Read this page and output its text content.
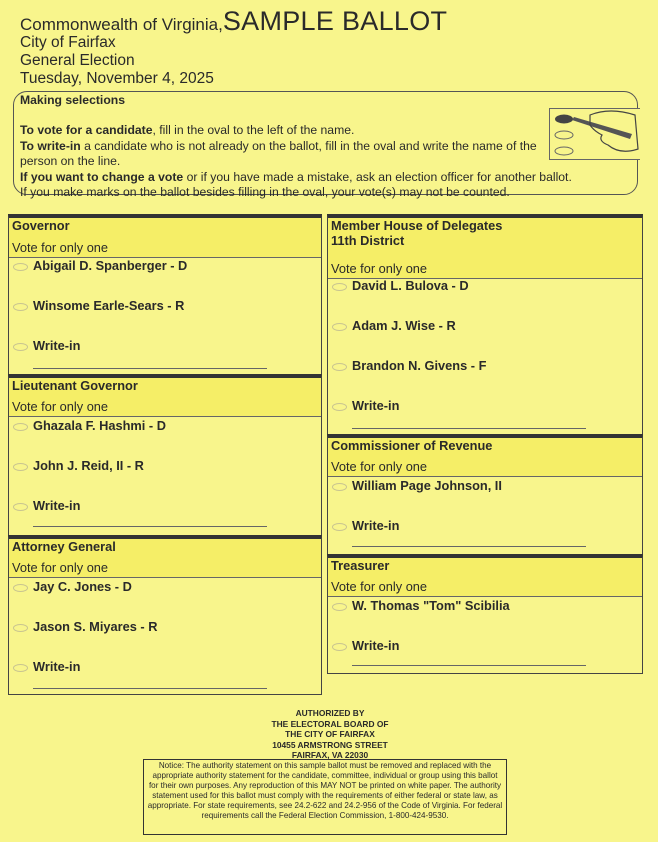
Commonwealth of Virginia,SAMPLE BALLOT
City of Fairfax
General Election
Tuesday, November 4, 2025
Making selections
To vote for a candidate, fill in the oval to the left of the name.
To write-in a candidate who is not already on the ballot, fill in the oval and write the name of the
person on the line.
If you want to change a vote or if you have made a mistake, ask an election officer for another ballot.
If you make marks on the ballot besides filling in the oval, your vote(s) may not be counted.
Governor
Vote for only one
Abigail D. Spanberger - D
Winsome Earle-Sears - R
Write-in
Lieutenant Governor
Vote for only one
Ghazala F. Hashmi - D
John J. Reid, II - R
Write-in
Attorney General
Vote for only one
Jay C. Jones - D
Jason S. Miyares - R
Write-in
Member House of Delegates
11th District
Vote for only one
David L. Bulova - D
Adam J. Wise - R
Brandon N. Givens - F
Write-in
Commissioner of Revenue
Vote for only one
William Page Johnson, II
Write-in
Treasurer
Vote for only one
W. Thomas "Tom" Scibilia
Write-in
AUTHORIZED BY
THE ELECTORAL BOARD OF
THE CITY OF FAIRFAX
10455 ARMSTRONG STREET
FAIRFAX, VA 22030
Notice: The authority statement on this sample ballot must be removed and replaced with the appropriate authority statement for the candidate, committee, individual or group using this ballot for their own purposes. Any reproduction of this MAY NOT be printed on white paper. The authority statement used for this ballot must comply with the requirements of either federal or state law, as appropriate. For state requirements, see 24.2-622 and 24.2-956 of the Code of Virginia. For federal requirements call the Federal Election Commission, 1-800-424-9530.
